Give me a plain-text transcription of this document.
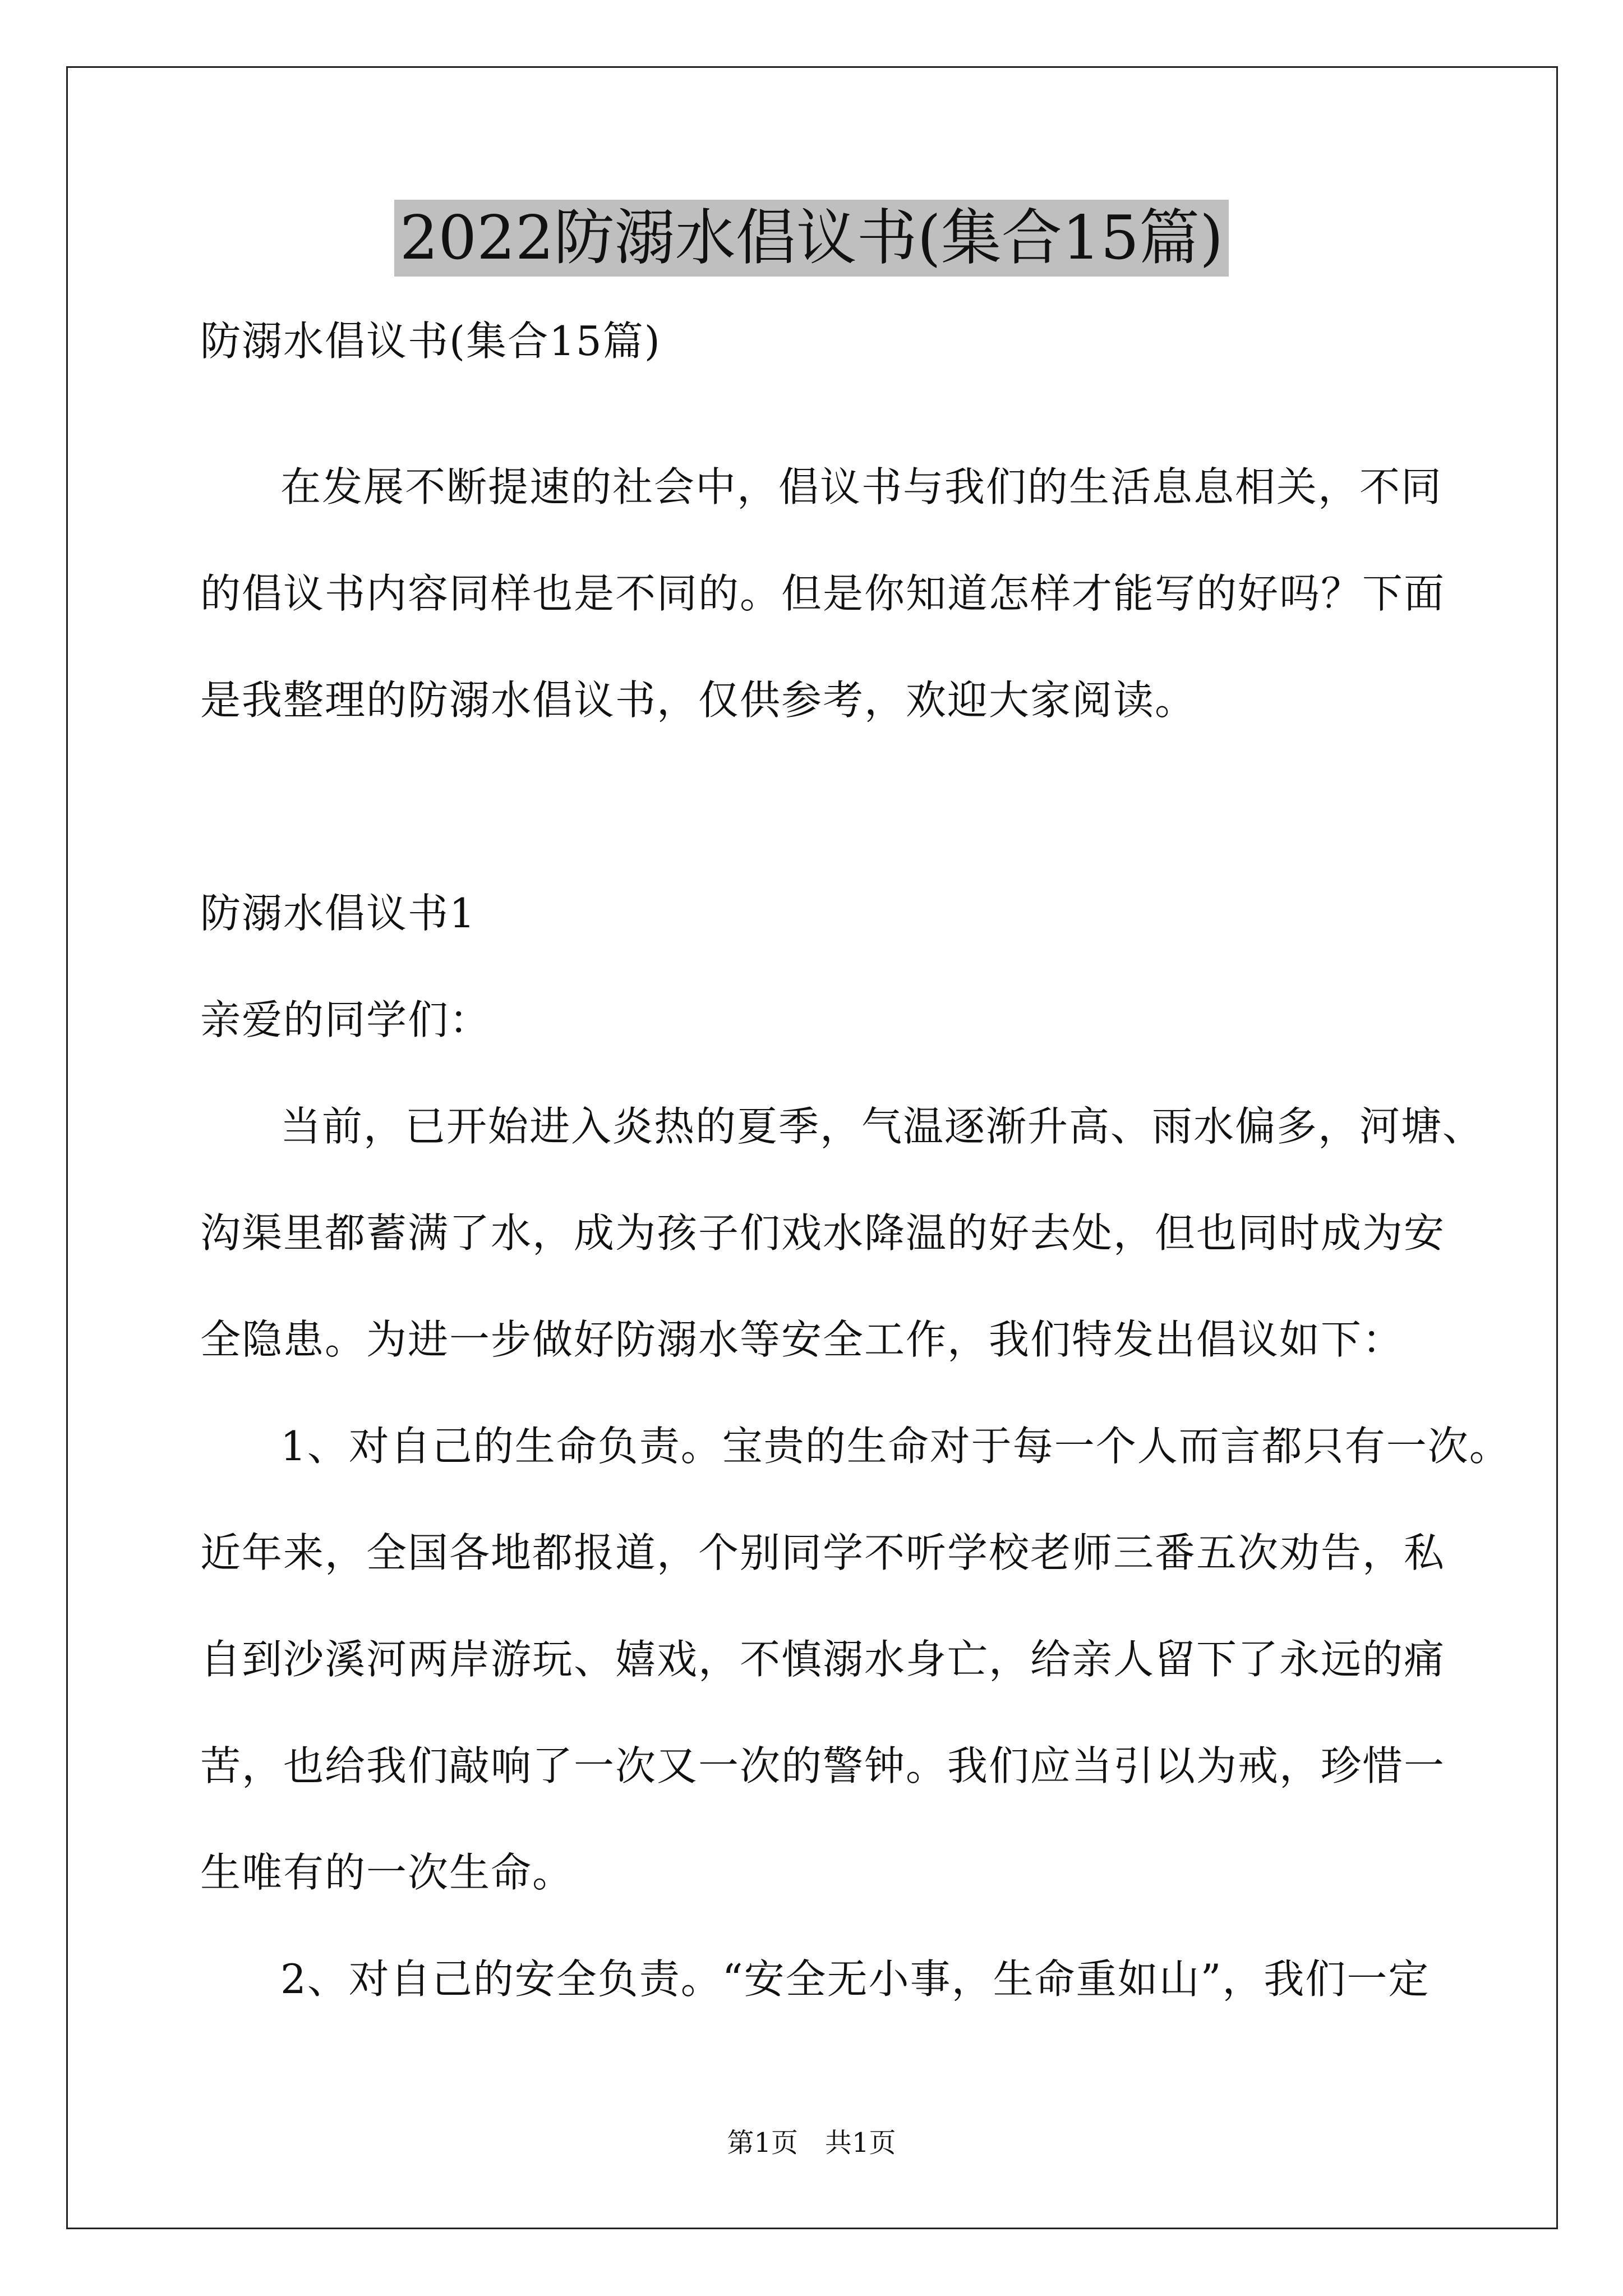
2022防溺水倡议书(集合15篇)
防溺水倡议书(集合15篇)
在发展不断提速的社会中，倡议书与我们的生活息息相关，不同
的倡议书内容同样也是不同的。但是你知道怎样才能写的好吗？下面
是我整理的防溺水倡议书，仅供参考，欢迎大家阅读。
防溺水倡议书1
亲爱的同学们：
当前，已开始进入炎热的夏季，气温逐渐升高、雨水偏多，河塘、
沟渠里都蓄满了水，成为孩子们戏水降温的好去处，但也同时成为安
全隐患。为进一步做好防溺水等安全工作，我们特发出倡议如下：
1、对自己的生命负责。宝贵的生命对于每一个人而言都只有一次。
近年来，全国各地都报道，个别同学不听学校老师三番五次劝告，私
自到沙溪河两岸游玩、嬉戏，不慎溺水身亡，给亲人留下了永远的痛
苦，也给我们敲响了一次又一次的警钟。我们应当引以为戒，珍惜一
生唯有的一次生命。
2、对自己的安全负责。“安全无小事，生命重如山”，我们一定
第1页 共1页
